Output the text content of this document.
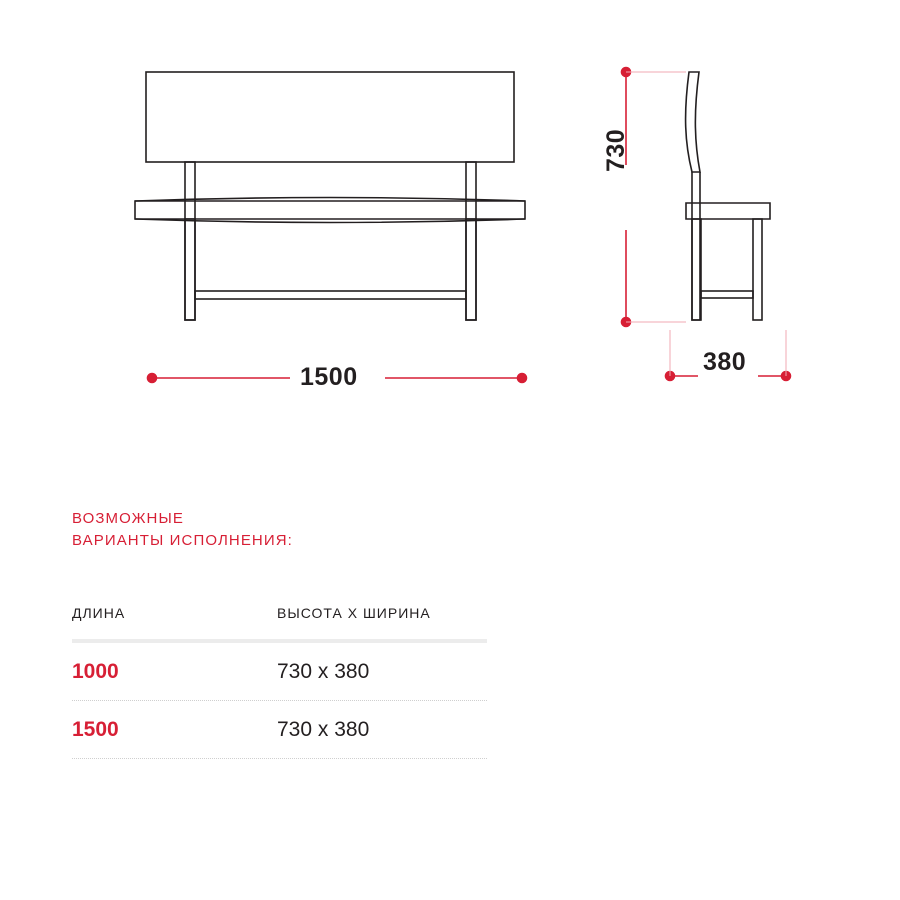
1500
380
730
ВОЗМОЖНЫЕ
ВАРИАНТЫ ИСПОЛНЕНИЯ:
ДЛИНА	ВЫСОТА Х ШИРИНА
1000	730 х 380
1500	730 х 380
